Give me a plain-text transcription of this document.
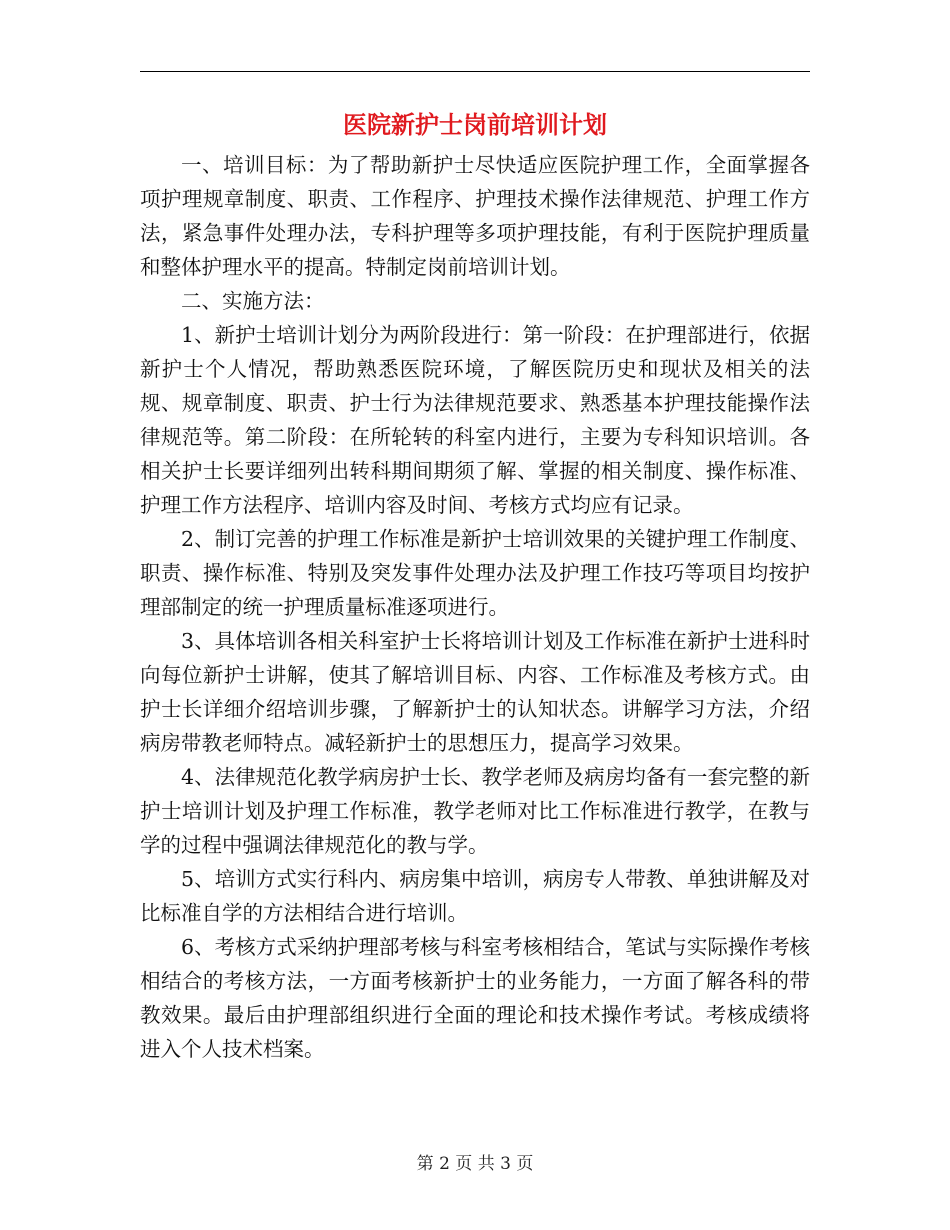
医院新护士岗前培训计划

一、培训目标：为了帮助新护士尽快适应医院护理工作，全面掌握各项护理规章制度、职责、工作程序、护理技术操作法律规范、护理工作方法，紧急事件处理办法，专科护理等多项护理技能，有利于医院护理质量和整体护理水平的提高。特制定岗前培训计划。

二、实施方法：

1、新护士培训计划分为两阶段进行：第一阶段：在护理部进行，依据新护士个人情况，帮助熟悉医院环境，了解医院历史和现状及相关的法规、规章制度、职责、护士行为法律规范要求、熟悉基本护理技能操作法律规范等。第二阶段：在所轮转的科室内进行，主要为专科知识培训。各相关护士长要详细列出转科期间期须了解、掌握的相关制度、操作标准、护理工作方法程序、培训内容及时间、考核方式均应有记录。

2、制订完善的护理工作标准是新护士培训效果的关键护理工作制度、职责、操作标准、特别及突发事件处理办法及护理工作技巧等项目均按护理部制定的统一护理质量标准逐项进行。

3、具体培训各相关科室护士长将培训计划及工作标准在新护士进科时向每位新护士讲解，使其了解培训目标、内容、工作标准及考核方式。由护士长详细介绍培训步骤，了解新护士的认知状态。讲解学习方法，介绍病房带教老师特点。减轻新护士的思想压力，提高学习效果。

4、法律规范化教学病房护士长、教学老师及病房均备有一套完整的新护士培训计划及护理工作标准，教学老师对比工作标准进行教学，在教与学的过程中强调法律规范化的教与学。

5、培训方式实行科内、病房集中培训，病房专人带教、单独讲解及对比标准自学的方法相结合进行培训。

6、考核方式采纳护理部考核与科室考核相结合，笔试与实际操作考核相结合的考核方法，一方面考核新护士的业务能力，一方面了解各科的带教效果。最后由护理部组织进行全面的理论和技术操作考试。考核成绩将进入个人技术档案。

第 2 页 共 3 页
